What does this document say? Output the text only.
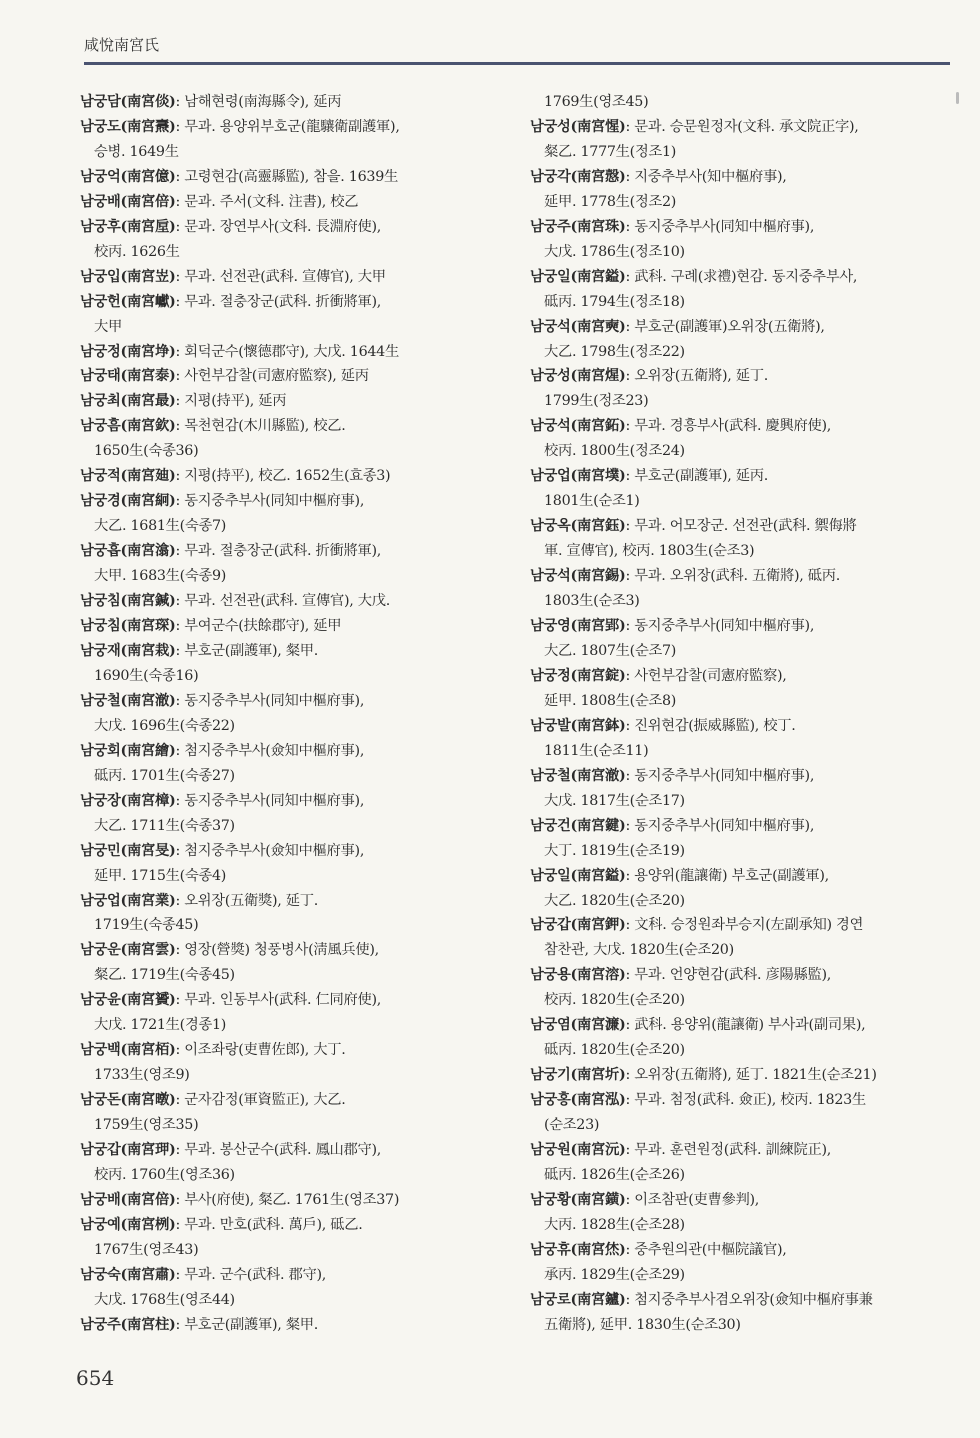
咸悅南宮氏
남궁담(南宮倓): 남해현령(南海縣令), 延丙
남궁도(南宮燾): 무과. 용양위부호군(龍驤衛副護軍),
승병. 1649生
남궁억(南宮億): 고령현감(高靈縣監), 참을. 1639生
남궁배(南宮倍): 문과. 주서(文科. 注書), 校乙
남궁후(南宮垕): 문과. 장연부사(文科. 長淵府使),
校丙. 1626生
남궁입(南宮岦): 무과. 선전관(武科. 宣傳官), 大甲
남궁헌(南宮巘): 무과. 절충장군(武科. 折衝將軍),
大甲
남궁정(南宮埩): 회덕군수(懷德郡守), 大戊. 1644生
남궁태(南宮泰): 사헌부감찰(司憲府監察), 延丙
남궁최(南宮最): 지평(持平), 延丙
남궁흠(南宮欽): 목천현감(木川縣監), 校乙.
1650生(숙종36)
남궁적(南宮廸): 지평(持平), 校乙. 1652生(효종3)
남궁경(南宮絅): 동지중추부사(同知中樞府事),
大乙. 1681生(숙종7)
남궁흡(南宮潝): 무과. 절충장군(武科. 折衝將軍),
大甲. 1683生(숙종9)
남궁침(南宮鍼): 무과. 선전관(武科. 宣傳官), 大戊.
남궁침(南宮琛): 부여군수(扶餘郡守), 延甲
남궁재(南宮栽): 부호군(副護軍), 粲甲.
1690生(숙종16)
남궁철(南宮澈): 동지중추부사(同知中樞府事),
大戊. 1696生(숙종22)
남궁회(南宮繪): 첨지중추부사(僉知中樞府事),
砥丙. 1701生(숙종27)
남궁장(南宮樟): 동지중추부사(同知中樞府事),
大乙. 1711生(숙종37)
남궁민(南宮旻): 첨지중추부사(僉知中樞府事),
延甲. 1715生(숙종4)
남궁업(南宮業): 오위장(五衛獎), 延丁.
1719生(숙종45)
남궁운(南宮雲): 영장(營獎) 청풍병사(淸風兵使),
粲乙. 1719生(숙종45)
남궁윤(南宮贇): 무과. 인동부사(武科. 仁同府使),
大戊. 1721生(경종1)
남궁백(南宮栢): 이조좌랑(吏曹佐郎), 大丁.
1733生(영조9)
남궁돈(南宮暾): 군자감정(軍資監正), 大乙.
1759生(영조35)
남궁갑(南宮玾): 무과. 봉산군수(武科. 鳳山郡守),
校丙. 1760生(영조36)
남궁배(南宮倍): 부사(府使), 粲乙. 1761生(영조37)
남궁예(南宮栵): 무과. 만호(武科. 萬戶), 砥乙.
1767生(영조43)
남궁숙(南宮肅): 무과. 군수(武科. 郡守),
大戊. 1768生(영조44)
남궁주(南宮柱): 부호군(副護軍), 粲甲.
1769生(영조45)
남궁성(南宮惺): 문과. 승문원정자(文科. 承文院正字),
粲乙. 1777生(정조1)
남궁각(南宮慤): 지중추부사(知中樞府事),
延甲. 1778生(정조2)
남궁주(南宮珠): 동지중추부사(同知中樞府事),
大戊. 1786生(정조10)
남궁일(南宮鎰): 武科. 구례(求禮)현감. 동지중추부사,
砥丙. 1794生(정조18)
남궁석(南宮奭): 부호군(副護軍)오위장(五衛將),
大乙. 1798生(정조22)
남궁성(南宮煋): 오위장(五衛將), 延丁.
1799生(정조23)
남궁석(南宮鉐): 무과. 경흥부사(武科. 慶興府使),
校丙. 1800生(정조24)
남궁업(南宮墣): 부호군(副護軍), 延丙.
1801生(순조1)
남궁옥(南宮鈺): 무과. 어모장군. 선전관(武科. 禦侮將
軍. 宣傳官), 校丙. 1803生(순조3)
남궁석(南宮錫): 무과. 오위장(武科. 五衛將), 砥丙.
1803生(순조3)
남궁영(南宮郢): 동지중추부사(同知中樞府事),
大乙. 1807生(순조7)
남궁정(南宮錠): 사헌부감찰(司憲府監察),
延甲. 1808生(순조8)
남궁발(南宮鉢): 진위현감(振威縣監), 校丁.
1811生(순조11)
남궁철(南宮澈): 동지중추부사(同知中樞府事),
大戊. 1817生(순조17)
남궁건(南宮鍵): 동지중추부사(同知中樞府事),
大丁. 1819生(순조19)
남궁일(南宮鎰): 용양위(龍讓衛) 부호군(副護軍),
大乙. 1820生(순조20)
남궁갑(南宮鉀): 文科. 승정원좌부승지(左副承知) 경연
참찬관, 大戊. 1820生(순조20)
남궁용(南宮溶): 무과. 언양현감(武科. 彦陽縣監),
校丙. 1820生(순조20)
남궁염(南宮濂): 武科. 용양위(龍讓衛) 부사과(副司果),
砥丙. 1820生(순조20)
남궁기(南宮圻): 오위장(五衛將), 延丁. 1821生(순조21)
남궁홍(南宮泓): 무과. 첨정(武科. 僉正), 校丙. 1823生
(순조23)
남궁원(南宮沅): 무과. 훈련원정(武科. 訓練院正),
砥丙. 1826生(순조26)
남궁황(南宮鐄): 이조참판(吏曹參判),
大丙. 1828生(순조28)
남궁휴(南宮烋): 중추원의관(中樞院議官),
承丙. 1829生(순조29)
남궁로(南宮鑪): 첨지중추부사겸오위장(僉知中樞府事兼
五衛將), 延甲. 1830生(순조30)
654
